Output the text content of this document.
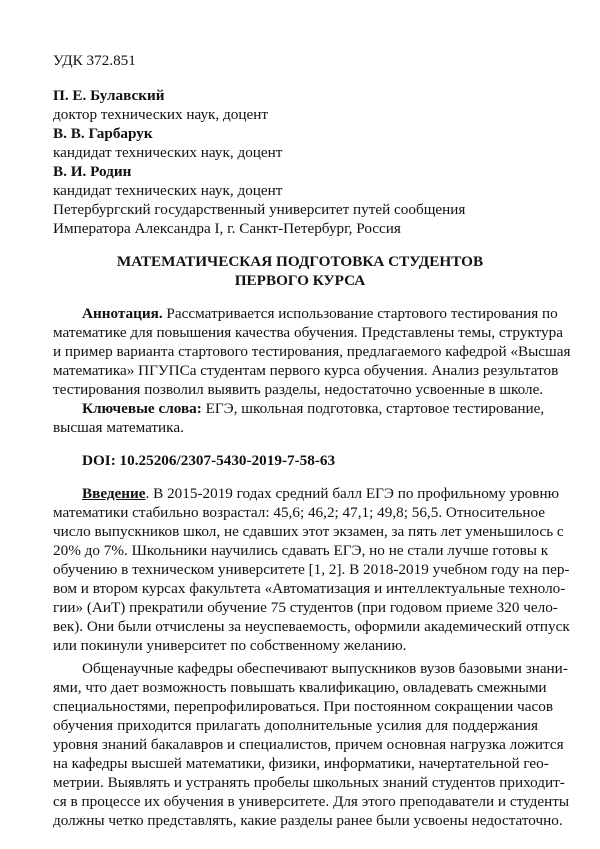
УДК 372.851
П. Е. Булавский
доктор технических наук, доцент
В. В. Гарбарук
кандидат технических наук, доцент
В. И. Родин
кандидат технических наук, доцент
Петербургский государственный университет путей сообщения
Императора Александра I, г. Санкт-Петербург, Россия
МАТЕМАТИЧЕСКАЯ ПОДГОТОВКА СТУДЕНТОВ
ПЕРВОГО КУРСА
Аннотация. Рассматривается использование стартового тестирования по
математике для повышения качества обучения. Представлены темы, структура
и пример варианта стартового тестирования, предлагаемого кафедрой «Высшая
математика» ПГУПСа студентам первого курса обучения. Анализ результатов
тестирования позволил выявить разделы, недостаточно усвоенные в школе.
Ключевые слова: ЕГЭ, школьная подготовка, стартовое тестирование,
высшая математика.
DOI: 10.25206/2307-5430-2019-7-58-63
Введение. В 2015-2019 годах средний балл ЕГЭ по профильному уровню
математики стабильно возрастал: 45,6; 46,2; 47,1; 49,8; 56,5. Относительное
число выпускников школ, не сдавших этот экзамен, за пять лет уменьшилось с
20% до 7%. Школьники научились сдавать ЕГЭ, но не стали лучше готовы к
обучению в техническом университете [1, 2]. В 2018-2019 учебном году на пер-
вом и втором курсах факультета «Автоматизация и интеллектуальные техноло-
гии» (АиТ) прекратили обучение 75 студентов (при годовом приеме 320 чело-
век). Они были отчислены за неуспеваемость, оформили академический отпуск
или покинули университет по собственному желанию.
Общенаучные кафедры обеспечивают выпускников вузов базовыми знани-
ями, что дает возможность повышать квалификацию, овладевать смежными
специальностями, перепрофилироваться. При постоянном сокращении часов
обучения приходится прилагать дополнительные усилия для поддержания
уровня знаний бакалавров и специалистов, причем основная нагрузка ложится
на кафедры высшей математики, физики, информатики, начертательной гео-
метрии. Выявлять и устранять пробелы школьных знаний студентов приходит-
ся в процессе их обучения в университете. Для этого преподаватели и студенты
должны четко представлять, какие разделы ранее были усвоены недостаточно.
